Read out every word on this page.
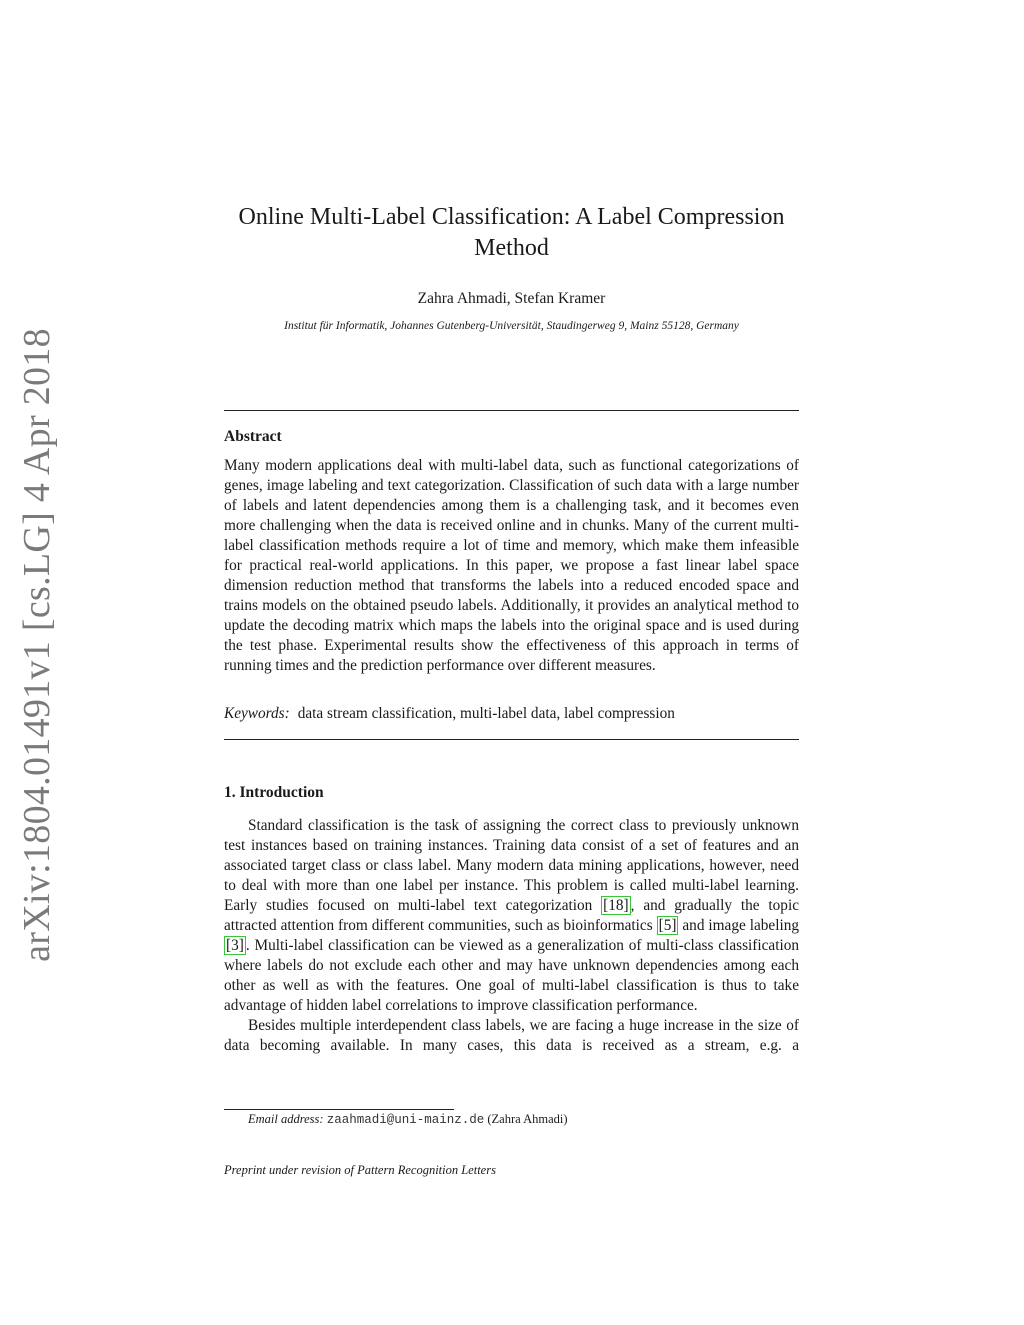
arXiv:1804.01491v1 [cs.LG] 4 Apr 2018
Online Multi-Label Classification: A Label Compression
Method
Zahra Ahmadi, Stefan Kramer
Institut für Informatik, Johannes Gutenberg-Universität, Staudingerweg 9, Mainz 55128, Germany
Abstract

Many modern applications deal with multi-label data, such as functional categorizations of genes, image labeling and text categorization. Classification of such data with a large number of labels and latent dependencies among them is a challenging task, and it becomes even more challenging when the data is received online and in chunks. Many of the current multi-label classification methods require a lot of time and memory, which make them infeasible for practical real-world applications. In this paper, we propose a fast linear label space dimension reduction method that transforms the labels into a reduced encoded space and trains models on the obtained pseudo labels. Additionally, it provides an analytical method to update the decoding matrix which maps the labels into the original space and is used during the test phase. Experimental results show the effectiveness of this approach in terms of running times and the prediction performance over different measures.

Keywords: data stream classification, multi-label data, label compression

1. Introduction

Standard classification is the task of assigning the correct class to previously unknown test instances based on training instances. Training data consist of a set of features and an associated target class or class label. Many modern data mining applications, however, need to deal with more than one label per instance. This problem is called multi-label learning. Early studies focused on multi-label text categorization [18] , and gradually the topic attracted attention from different communities, such as bioinformatics [5] and image labeling [3] . Multi-label classification can be viewed as a generalization of multi-class classification where labels do not exclude each other and may have unknown dependencies among each other as well as with the features. One goal of multi-label classification is thus to take advantage of hidden label correlations to improve classification performance.

Besides multiple interdependent class labels, we are facing a huge increase in the size of data becoming available. In many cases, this data is received as a stream, e.g. a

Email address: zaahmadi@uni-mainz.de (Zahra Ahmadi)
Preprint under revision of Pattern Recognition Letters
